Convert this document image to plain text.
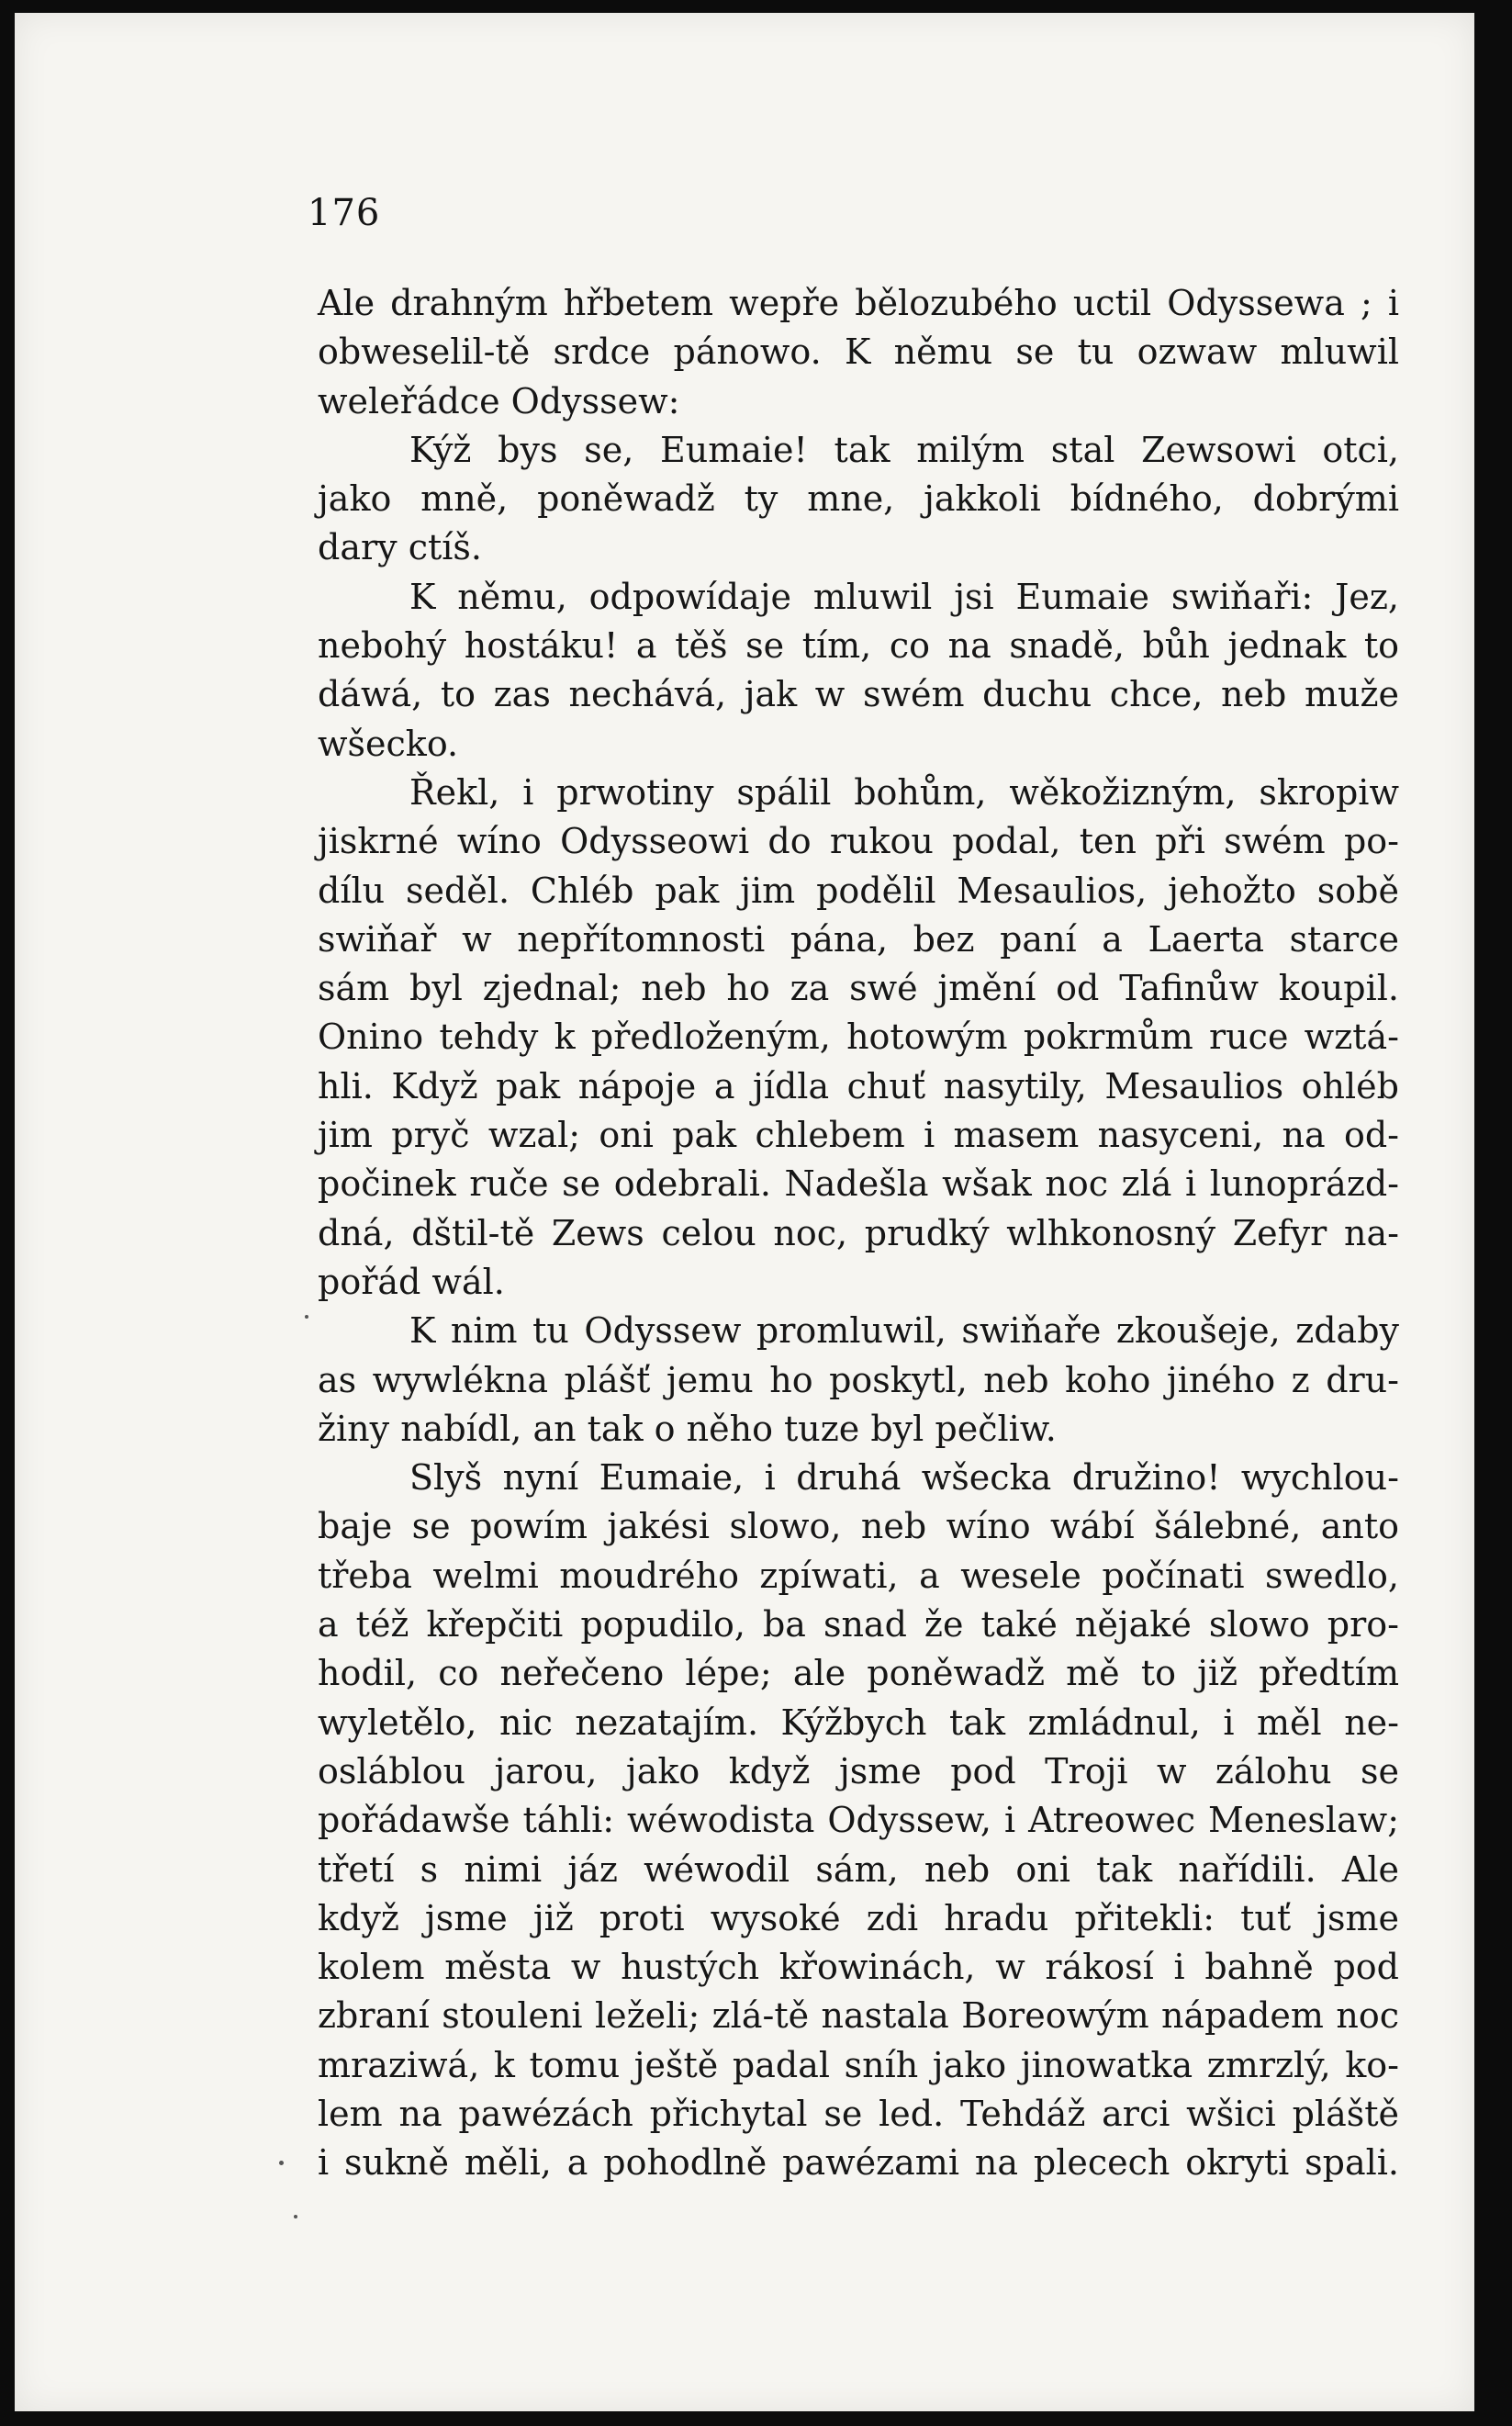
176
Ale drahným hřbetem wepře bělozubého uctil Odyssewa ; i
obweselil-tě srdce pánowo. K němu se tu ozwaw mluwil
weleřádce Odyssew:
Kýž bys se, Eumaie! tak milým stal Zewsowi otci,
jako mně, poněwadž ty mne, jakkoli bídného, dobrými
dary ctíš.
K němu, odpowídaje mluwil jsi Eumaie swiňaři: Jez,
nebohý hostáku! a těš se tím, co na snadě, bůh jednak to
dáwá, to zas nechává, jak w swém duchu chce, neb muže
wšecko.
Řekl, i prwotiny spálil bohům, wěkožizným, skropiw
jiskrné wíno Odysseowi do rukou podal, ten při swém po-
dílu seděl. Chléb pak jim podělil Mesaulios, jehožto sobě
swiňař w nepřítomnosti pána, bez paní a Laerta starce
sám byl zjednal; neb ho za swé jmění od Tafinůw koupil.
Onino tehdy k předloženým, hotowým pokrmům ruce wztá-
hli. Když pak nápoje a jídla chuť nasytily, Mesaulios ohléb
jim pryč wzal; oni pak chlebem i masem nasyceni, na od-
počinek ruče se odebrali. Nadešla wšak noc zlá i lunoprázd-
dná, dštil-tě Zews celou noc, prudký wlhkonosný Zefyr na-
pořád wál.
K nim tu Odyssew promluwil, swiňaře zkoušeje, zdaby
as wywlékna plášť jemu ho poskytl, neb koho jiného z dru-
žiny nabídl, an tak o něho tuze byl pečliw.
Slyš nyní Eumaie, i druhá wšecka družino! wychlou-
baje se powím jakési slowo, neb wíno wábí šálebné, anto
třeba welmi moudrého zpíwati, a wesele počínati swedlo,
a též křepčiti popudilo, ba snad že také nějaké slowo pro-
hodil, co neřečeno lépe; ale poněwadž mě to již předtím
wyletělo, nic nezatajím. Kýžbych tak zmládnul, i měl ne-
osláblou jarou, jako když jsme pod Troji w zálohu se
pořádawše táhli: wéwodista Odyssew, i Atreowec Meneslaw;
třetí s nimi jáz wéwodil sám, neb oni tak nařídili. Ale
když jsme již proti wysoké zdi hradu přitekli: tuť jsme
kolem města w hustých křowinách, w rákosí i bahně pod
zbraní stouleni leželi; zlá-tě nastala Boreowým nápadem noc
mraziwá, k tomu ještě padal sníh jako jinowatka zmrzlý, ko-
lem na pawézách přichytal se led. Tehdáž arci wšici pláště
i sukně měli, a pohodlně pawézami na plecech okryti spali.
